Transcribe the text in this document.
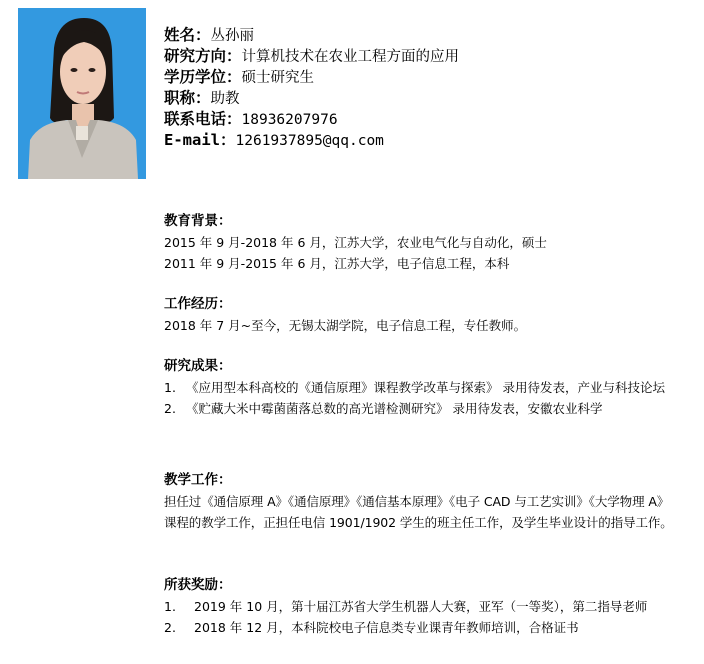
姓名：丛孙丽
研究方向：计算机技术在农业工程方面的应用
学历学位：硕士研究生
职称：助教
联系电话：18936207976
E-mail：1261937895@qq.com
教育背景：
2015 年 9 月-2018 年 6 月，江苏大学，农业电气化与自动化，硕士
2011 年 9 月-2015 年 6 月，江苏大学，电子信息工程，本科
工作经历：
2018 年 7 月~至今，无锡太湖学院，电子信息工程，专任教师。
研究成果：
1. 《应用型本科高校的《通信原理》课程教学改革与探索》 录用待发表，产业与科技论坛
2. 《贮藏大米中霉菌菌落总数的高光谱检测研究》 录用待发表，安徽农业科学
教学工作：
担任过《通信原理 A》《通信原理》《通信基本原理》《电子 CAD 与工艺实训》《大学物理 A》课程的教学工作，正担任电信 1901/1902 学生的班主任工作，及学生毕业设计的指导工作。
所获奖励：
1.	2019 年 10 月，第十届江苏省大学生机器人大赛，亚军（一等奖），第二指导老师
2.	2018 年 12 月，本科院校电子信息类专业课青年教师培训，合格证书
